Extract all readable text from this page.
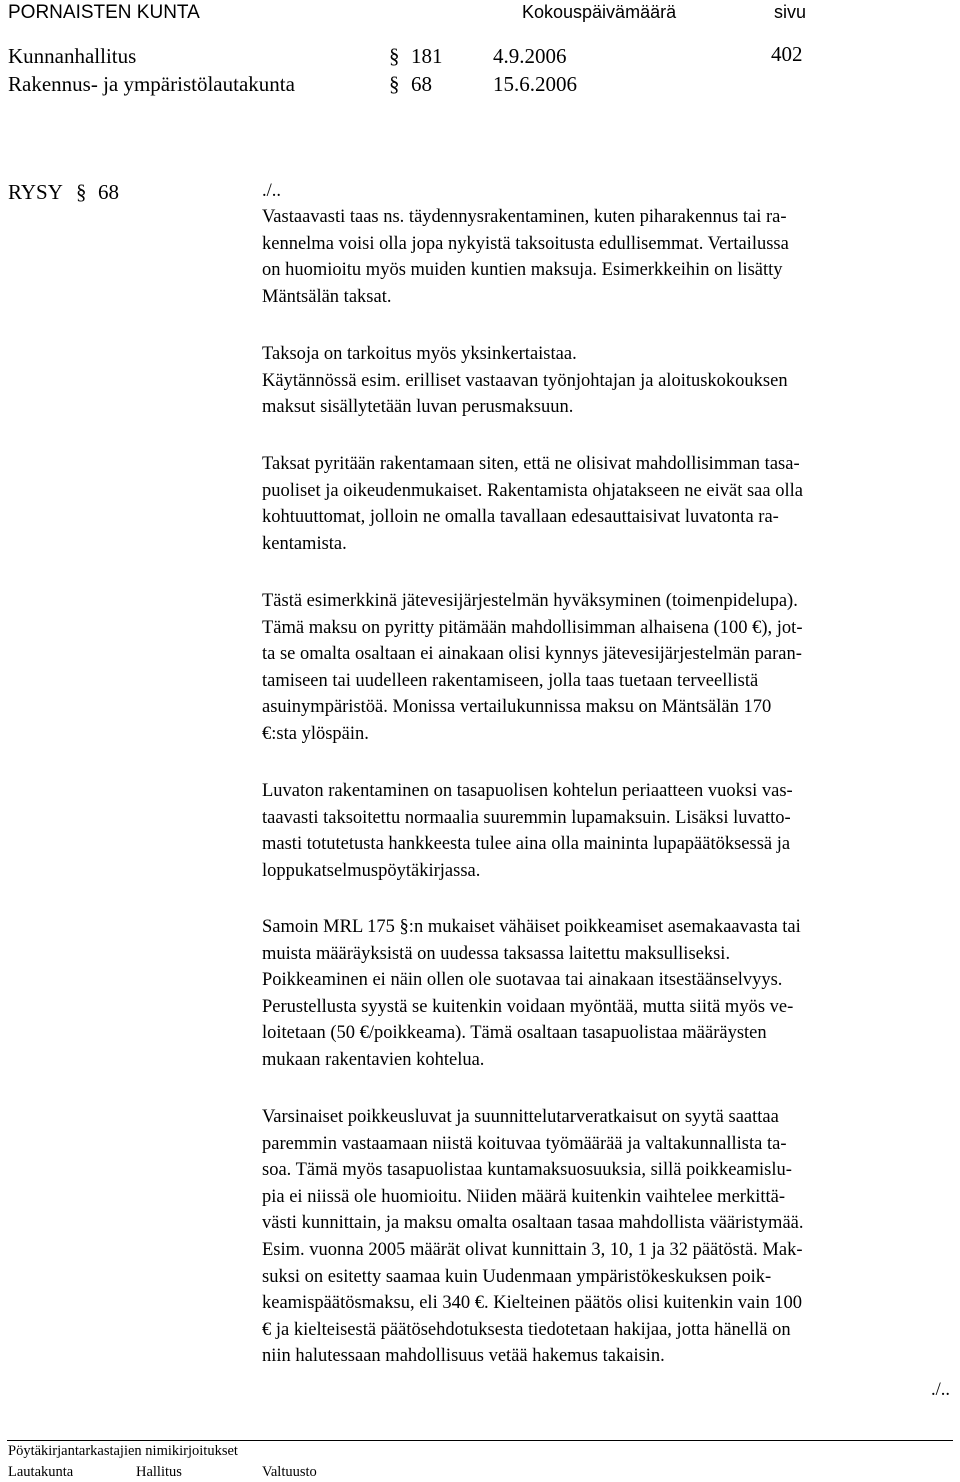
PORNAISTEN KUNTA	Kokouspäivämäärä	sivu
Kunnanhallitus	§ 181 4.9.2006	402
Rakennus- ja ympäristölautakunta	§ 68	15.6.2006
RYSY § 68	./..
Vastaavasti taas ns. täydennysrakentaminen, kuten piharakennus tai ra-
kennelma voisi olla jopa nykyistä taksoitusta edullisemmat. Vertailussa
on huomioitu myös muiden kuntien maksuja. Esimerkkeihin on lisätty
Mäntsälän taksat.
Taksoja on tarkoitus myös yksinkertaistaa.
Käytännössä esim. erilliset vastaavan työnjohtajan ja aloituskokouksen
maksut sisällytetään luvan perusmaksuun.
Taksat pyritään rakentamaan siten, että ne olisivat mahdollisimman tasa-
puoliset ja oikeudenmukaiset. Rakentamista ohjatakseen ne eivät saa olla
kohtuuttomat, jolloin ne omalla tavallaan edesauttaisivat luvatonta ra-
kentamista.
Tästä esimerkkinä jätevesijärjestelmän hyväksyminen (toimenpidelupa).
Tämä maksu on pyritty pitämään mahdollisimman alhaisena (100 €), jot-
ta se omalta osaltaan ei ainakaan olisi kynnys jätevesijärjestelmän paran-
tamiseen tai uudelleen rakentamiseen, jolla taas tuetaan terveellistä
asuinympäristöä. Monissa vertailukunnissa maksu on Mäntsälän 170
€:sta ylöspäin.
Luvaton rakentaminen on tasapuolisen kohtelun periaatteen vuoksi vas-
taavasti taksoitettu normaalia suuremmin lupamaksuin. Lisäksi luvatto-
masti totutetusta hankkeesta tulee aina olla maininta lupapäätöksessä ja
loppukatselmuspöytäkirjassa.
Samoin MRL 175 §:n mukaiset vähäiset poikkeamiset asemakaavasta tai
muista määräyksistä on uudessa taksassa laitettu maksulliseksi.
Poikkeaminen ei näin ollen ole suotavaa tai ainakaan itsestäänselvyys.
Perustellusta syystä se kuitenkin voidaan myöntää, mutta siitä myös ve-
loitetaan (50 €/poikkeama). Tämä osaltaan tasapuolistaa määräysten
mukaan rakentavien kohtelua.
Varsinaiset poikkeusluvat ja suunnittelutarveratkaisut on syytä saattaa
paremmin vastaamaan niistä koituvaa työmäärää ja valtakunnallista ta-
soa. Tämä myös tasapuolistaa kuntamaksuosuuksia, sillä poikkeamislu-
pia ei niissä ole huomioitu. Niiden määrä kuitenkin vaihtelee merkittä-
västi kunnittain, ja maksu omalta osaltaan tasaa mahdollista vääristymää.
Esim. vuonna 2005 määrät olivat kunnittain 3, 10, 1 ja 32 päätöstä. Mak-
suksi on esitetty saamaa kuin Uudenmaan ympäristökeskuksen poik-
keamispäätösmaksu, eli 340 €. Kielteinen päätös olisi kuitenkin vain 100
€ ja kielteisestä päätösehdotuksesta tiedotetaan hakijaa, jotta hänellä on
niin halutessaan mahdollisuus vetää hakemus takaisin.
./..
Pöytäkirjantarkastajien nimikirjoitukset
Lautakunta	Hallitus	Valtuusto
